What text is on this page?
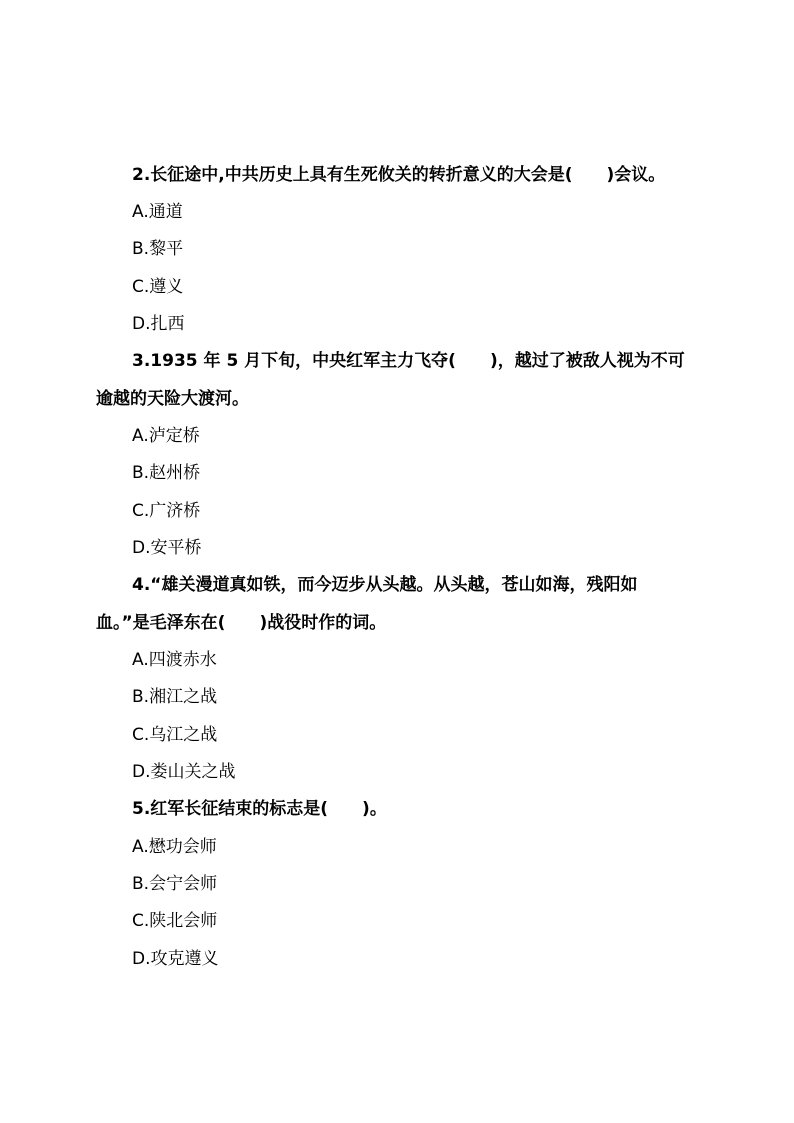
2.长征途中,中共历史上具有生死攸关的转折意义的大会是(　　)会议。
A.通道
B.黎平
C.遵义
D.扎西
3.1935 年 5 月下旬，中央红军主力飞夺(　　)，越过了被敌人视为不可
逾越的天险大渡河。
A.泸定桥
B.赵州桥
C.广济桥
D.安平桥
4.“雄关漫道真如铁，而今迈步从头越。从头越，苍山如海，残阳如
血。”是毛泽东在(　　)战役时作的词。
A.四渡赤水
B.湘江之战
C.乌江之战
D.娄山关之战
5.红军长征结束的标志是(　　)。
A.懋功会师
B.会宁会师
C.陕北会师
D.攻克遵义
